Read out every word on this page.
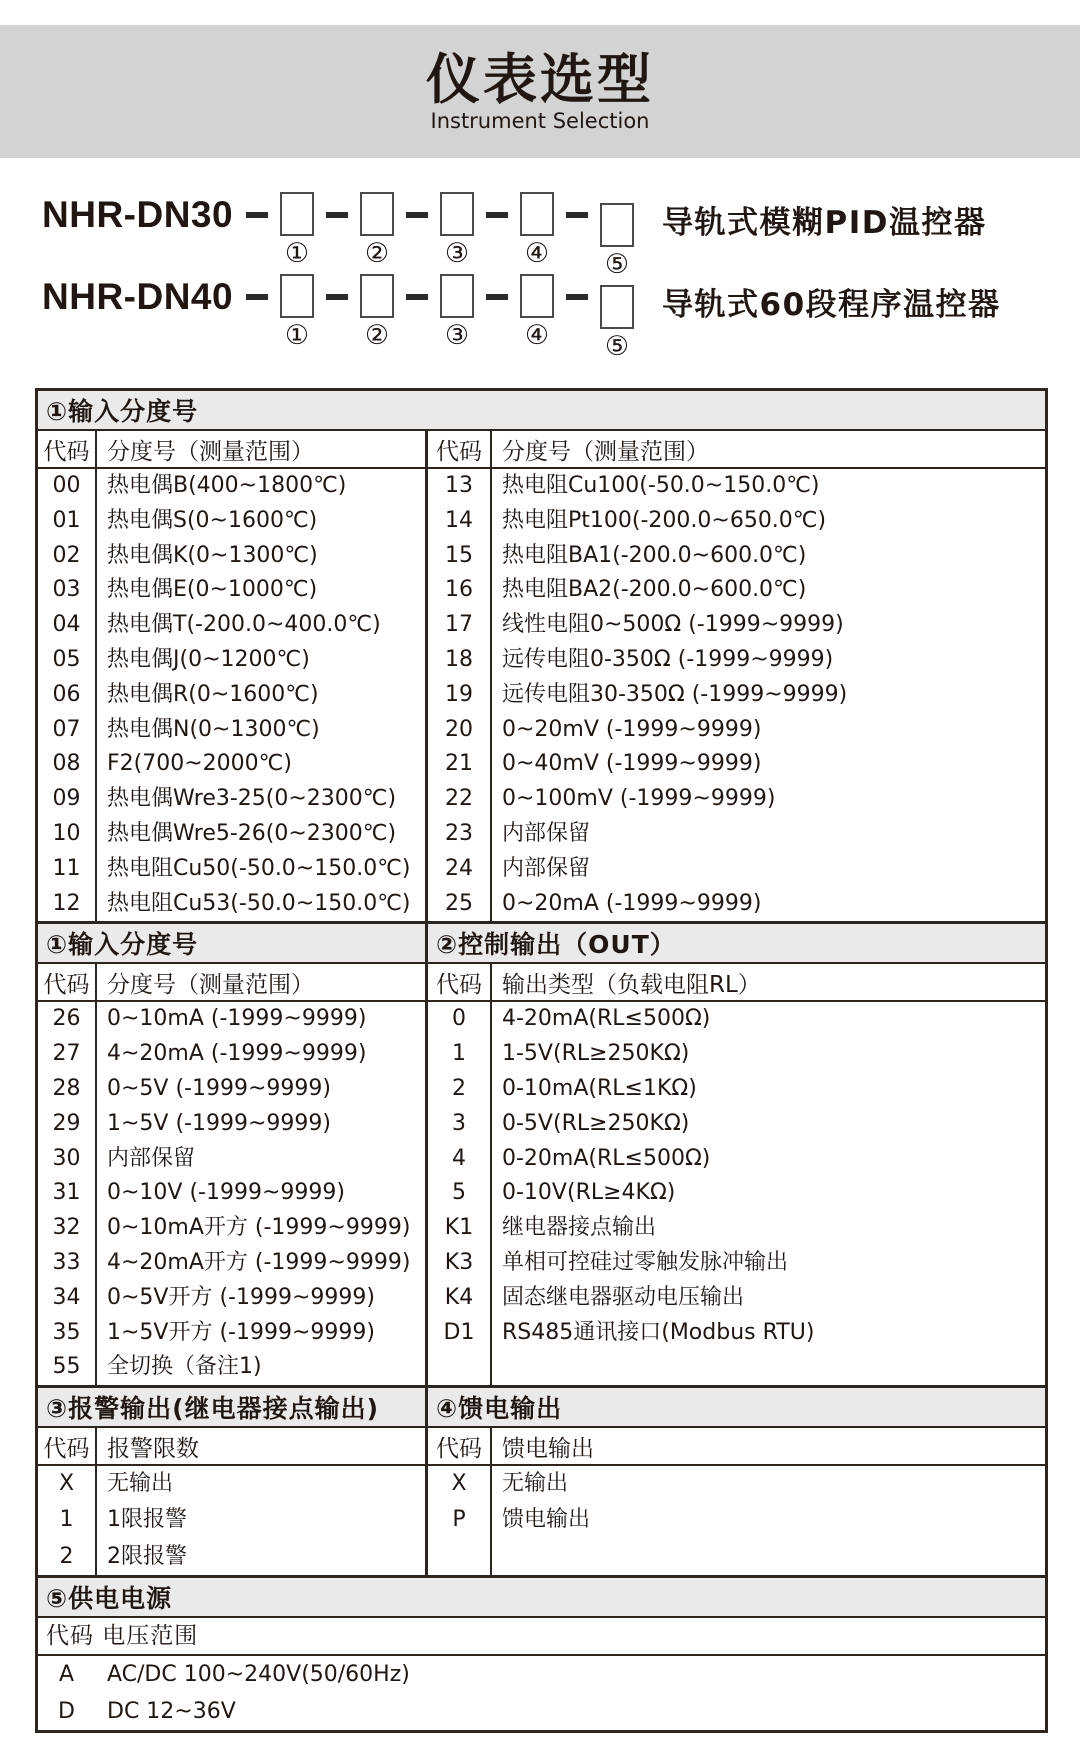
仪表选型
Instrument Selection
NHR-DN30
① ② ③ ④ ⑤
导轨式模糊PID温控器
NHR-DN40
① ② ③ ④ ⑤
导轨式60段程序温控器
①输入分度号
代码 分度号（测量范围）	代码 分度号（测量范围）
00	热电偶B(400~1800℃)
01	热电偶S(0~1600℃)
02	热电偶K(0~1300℃)
03	热电偶E(0~1000℃)
04	热电偶T(-200.0~400.0℃)
05	热电偶J(0~1200℃)
06	热电偶R(0~1600℃)
07	热电偶N(0~1300℃)
08	F2(700~2000℃)
09	热电偶Wre3-25(0~2300℃)
10	热电偶Wre5-26(0~2300℃)
11	热电阻Cu50(-50.0~150.0℃)
12	热电阻Cu53(-50.0~150.0℃)
13	热电阻Cu100(-50.0~150.0℃)
14	热电阻Pt100(-200.0~650.0℃)
15	热电阻BA1(-200.0~600.0℃)
16	热电阻BA2(-200.0~600.0℃)
17	线性电阻0~500Ω (-1999~9999)
18	远传电阻0-350Ω (-1999~9999)
19	远传电阻30-350Ω (-1999~9999)
20	0~20mV (-1999~9999)
21	0~40mV (-1999~9999)
22	0~100mV (-1999~9999)
23	内部保留
24	内部保留
25	0~20mA (-1999~9999)
①输入分度号	②控制输出（OUT）
代码 分度号（测量范围）	代码 输出类型（负载电阻RL）
26	0~10mA (-1999~9999)
27	4~20mA (-1999~9999)
28	0~5V (-1999~9999)
29	1~5V (-1999~9999)
30	内部保留
31	0~10V (-1999~9999)
32	0~10mA开方 (-1999~9999)
33	4~20mA开方 (-1999~9999)
34	0~5V开方 (-1999~9999)
35	1~5V开方 (-1999~9999)
55	全切换（备注1)
0	4-20mA(RL≤500Ω)
1	1-5V(RL≥250KΩ)
2	0-10mA(RL≤1KΩ)
3	0-5V(RL≥250KΩ)
4	0-20mA(RL≤500Ω)
5	0-10V(RL≥4KΩ)
K1	继电器接点输出
K3	单相可控硅过零触发脉冲输出
K4	固态继电器驱动电压输出
D1	RS485通讯接口(Modbus RTU)
③报警输出(继电器接点输出)	④馈电输出
代码 报警限数	代码 馈电输出
X	无输出
1	1限报警
2	2限报警
X	无输出
P	馈电输出
⑤供电电源
代码 电压范围
A	AC/DC 100~240V(50/60Hz)
D	DC 12~36V
